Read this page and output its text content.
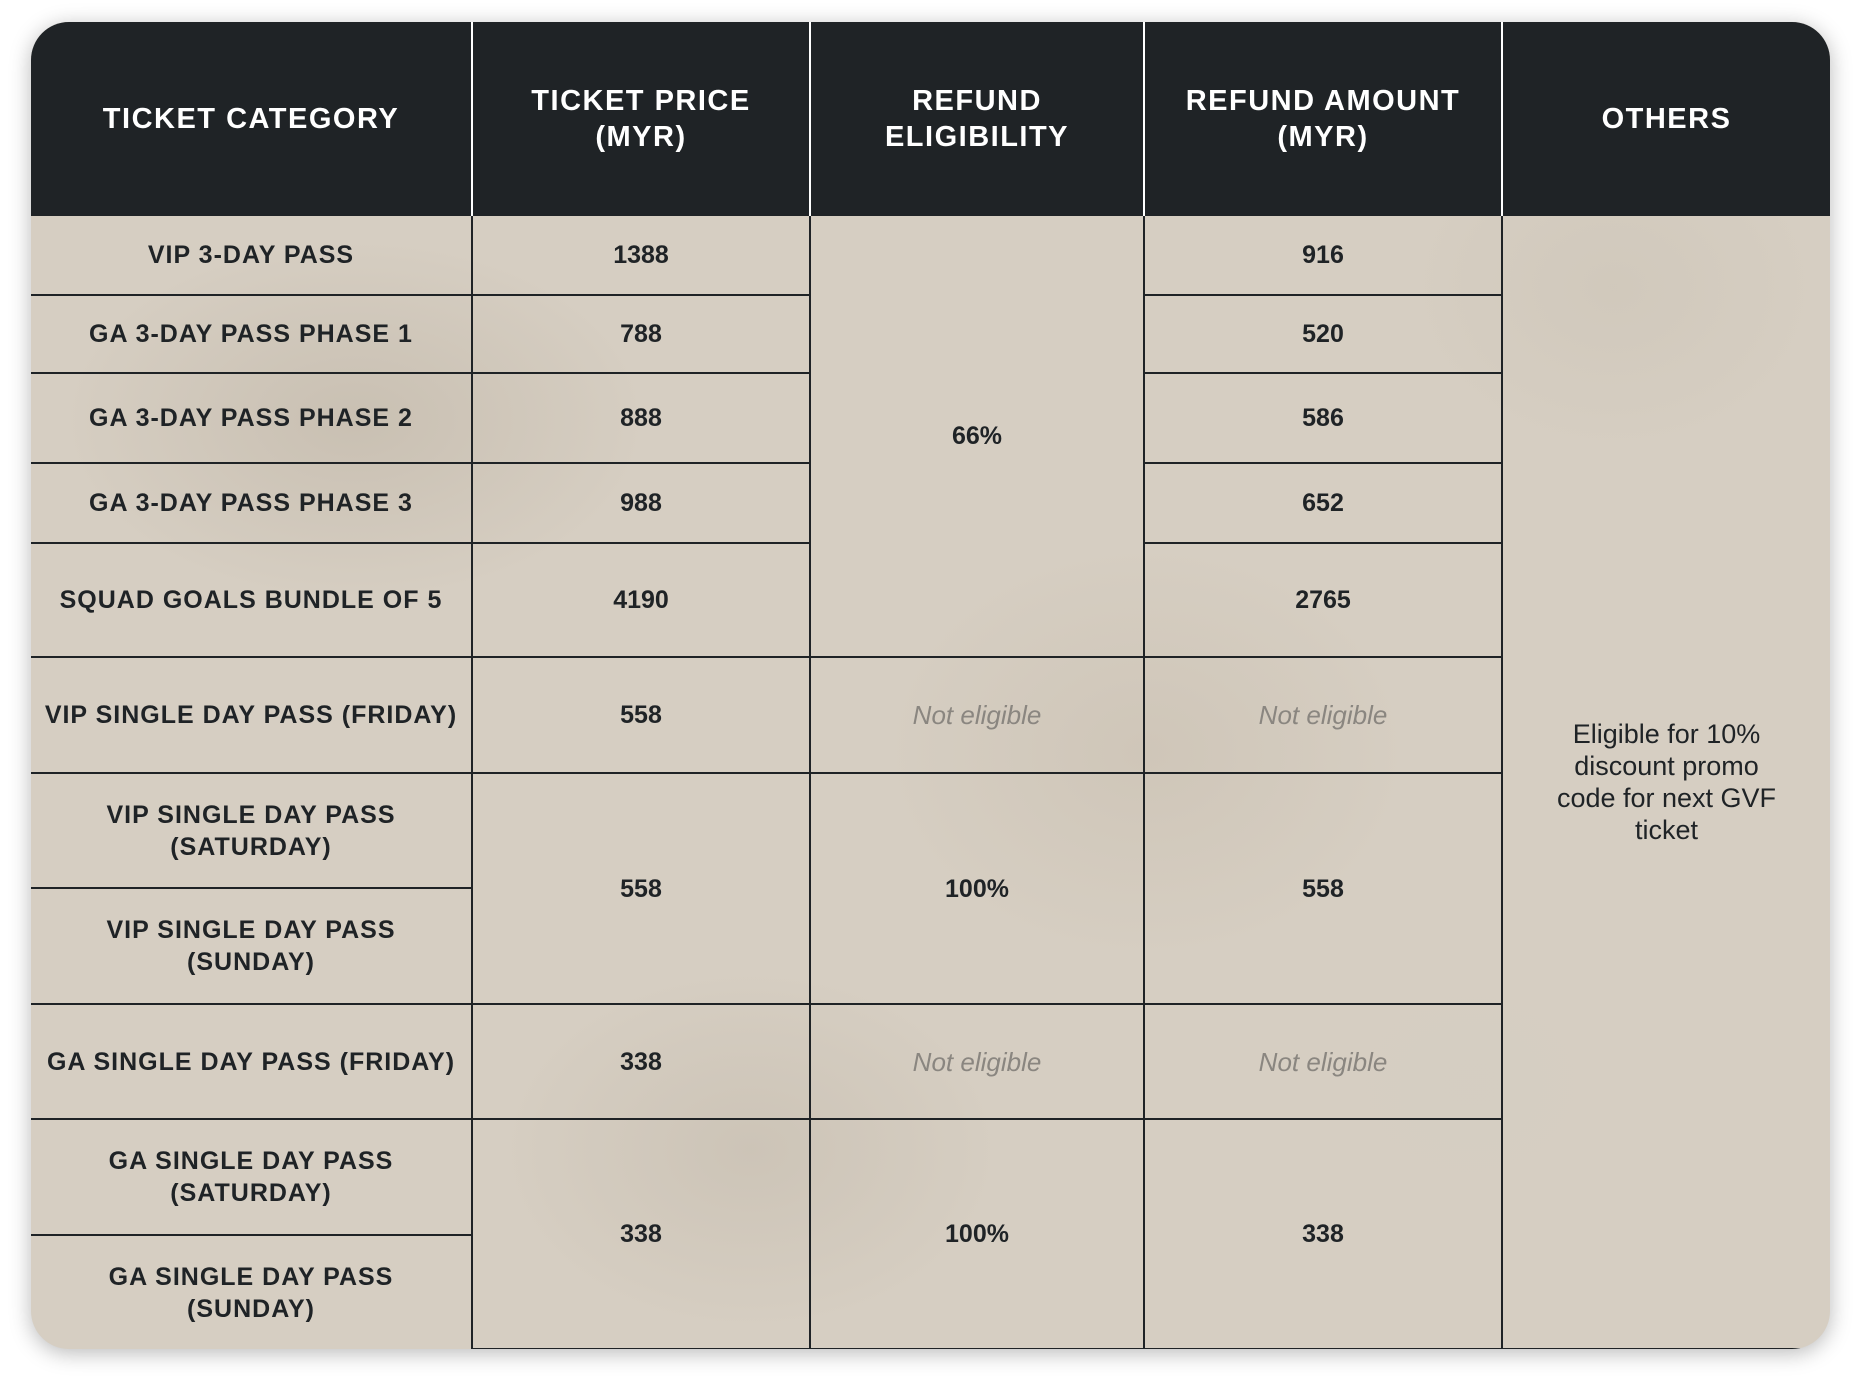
TICKET CATEGORY	TICKET PRICE (MYR)	REFUND ELIGIBILITY	REFUND AMOUNT (MYR)	OTHERS
VIP 3-DAY PASS	1388	66%	916	Eligible for 10% discount promo code for next GVF ticket
GA 3-DAY PASS PHASE 1	788		520	
GA 3-DAY PASS PHASE 2	888		586	
GA 3-DAY PASS PHASE 3	988		652	
SQUAD GOALS BUNDLE OF 5	4190		2765	
VIP SINGLE DAY PASS (FRIDAY)	558	Not eligible	Not eligible	
VIP SINGLE DAY PASS (SATURDAY)	558	100%	558	
VIP SINGLE DAY PASS (SUNDAY)				
GA SINGLE DAY PASS (FRIDAY)	338	Not eligible	Not eligible	
GA SINGLE DAY PASS (SATURDAY)	338	100%	338	
GA SINGLE DAY PASS (SUNDAY)				
